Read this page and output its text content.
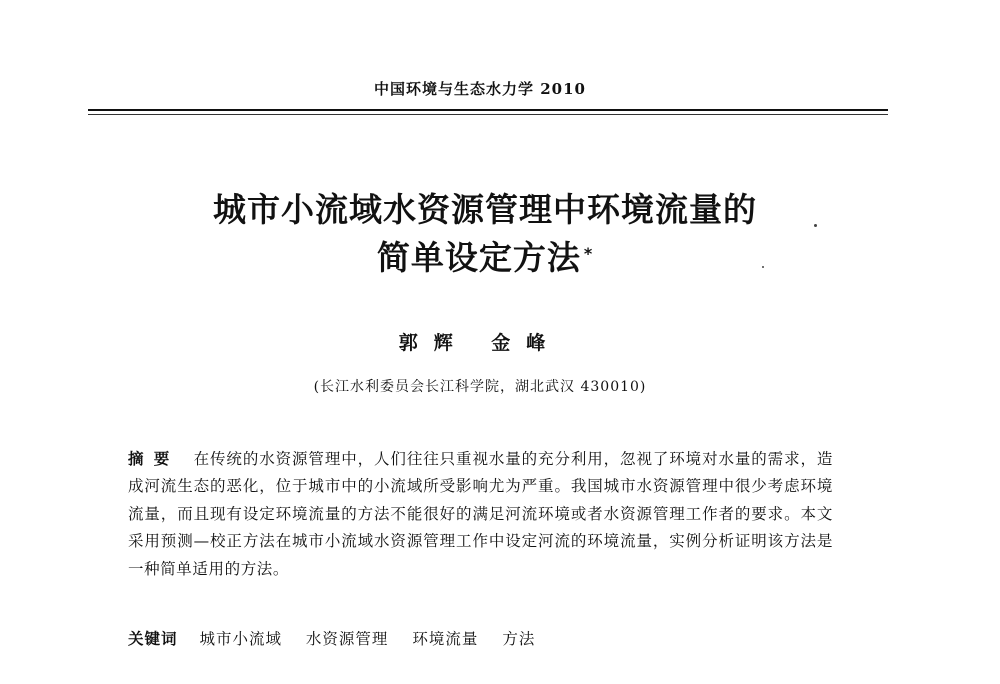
中国环境与生态水力学 2010
城市小流域水资源管理中环境流量的
简单设定方法 *
郭辉 金峰
(长江水利委员会长江科学院，湖北武汉 430010)
摘要 在传统的水资源管理中，人们往往只重视水量的充分利用，忽视了环境对水量的需求，造成河流生态的恶化，位于城市中的小流域所受影响尤为严重。我国城市水资源管理中很少考虑环境流量，而且现有设定环境流量的方法不能很好的满足河流环境或者水资源管理工作者的要求。本文采用预测—校正方法在城市小流域水资源管理工作中设定河流的环境流量，实例分析证明该方法是一种简单适用的方法。
关键词 城市小流域 水资源管理 环境流量 方法
